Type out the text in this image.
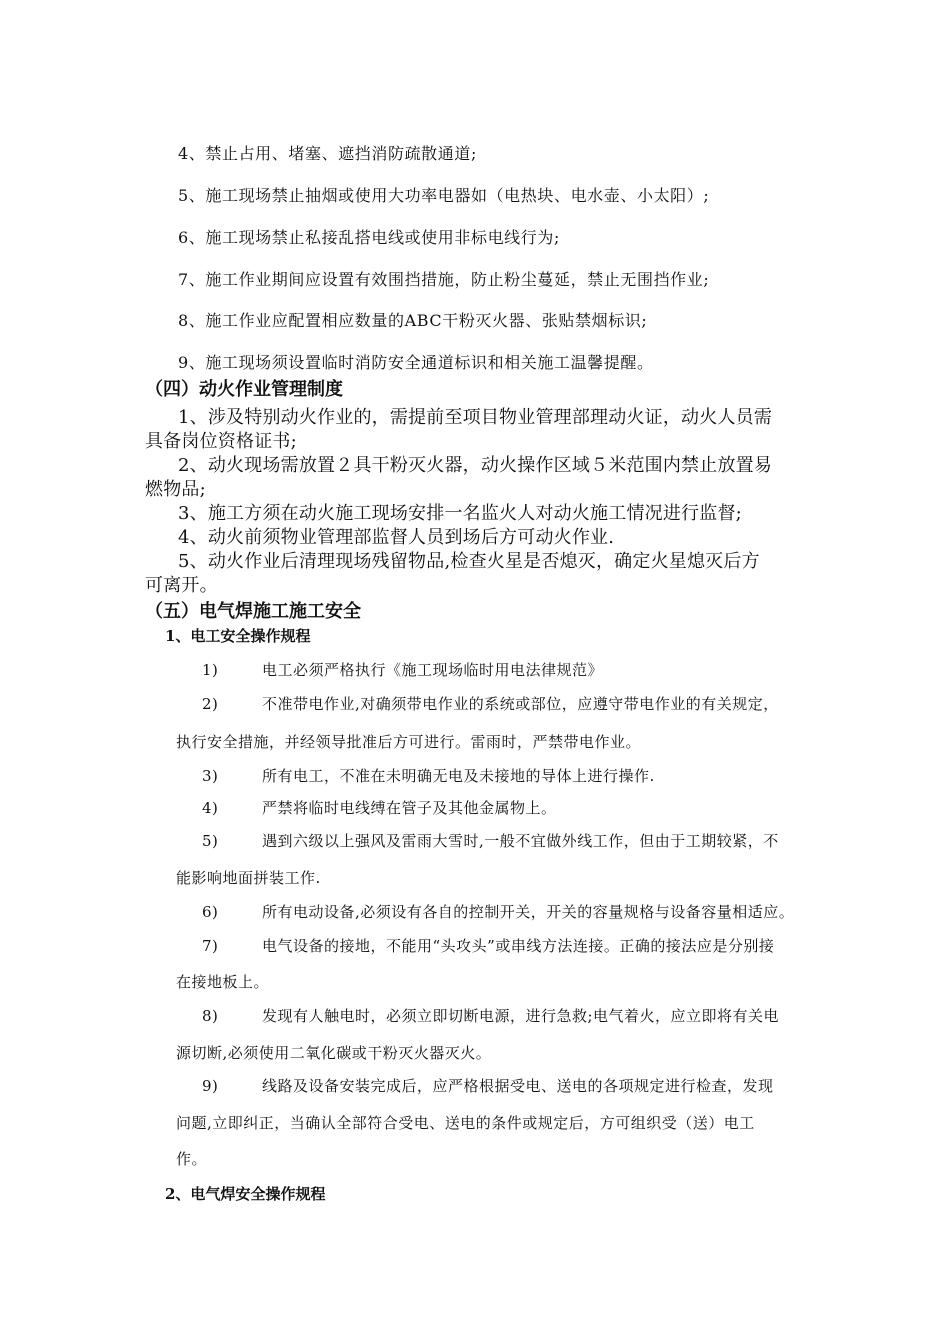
4、禁止占用、堵塞、遮挡消防疏散通道;
5、施工现场禁止抽烟或使用大功率电器如（电热块、电水壶、小太阳）;
6、施工现场禁止私接乱搭电线或使用非标电线行为;
7、施工作业期间应设置有效围挡措施，防止粉尘蔓延，禁止无围挡作业;
8、施工作业应配置相应数量的ABC干粉灭火器、张贴禁烟标识;
9、施工现场须设置临时消防安全通道标识和相关施工温馨提醒。
（四）动火作业管理制度
1、涉及特别动火作业的，需提前至项目物业管理部理动火证，动火人员需
具备岗位资格证书;
2、动火现场需放置２具干粉灭火器，动火操作区域５米范围内禁止放置易
燃物品;
3、施工方须在动火施工现场安排一名监火人对动火施工情况进行监督;
4、动火前须物业管理部监督人员到场后方可动火作业.
5、动火作业后清理现场残留物品,检查火星是否熄灭，确定火星熄灭后方
可离开。
（五）电气焊施工施工安全
1、电工安全操作规程
1)	电工必须严格执行《施工现场临时用电法律规范》
2)	不准带电作业,对确须带电作业的系统或部位，应遵守带电作业的有关规定，
执行安全措施，并经领导批准后方可进行。雷雨时，严禁带电作业。
3)	所有电工，不准在未明确无电及未接地的导体上进行操作.
4)	严禁将临时电线缚在管子及其他金属物上。
5)	遇到六级以上强风及雷雨大雪时,一般不宜做外线工作，但由于工期较紧，不
能影响地面拼装工作.
6)	所有电动设备,必须设有各自的控制开关，开关的容量规格与设备容量相适应。
7)	电气设备的接地，不能用“头攻头”或串线方法连接。正确的接法应是分别接
在接地板上。
8)	发现有人触电时，必须立即切断电源，进行急救;电气着火，应立即将有关电
源切断,必须使用二氧化碳或干粉灭火器灭火。
9)	线路及设备安装完成后，应严格根据受电、送电的各项规定进行检查，发现
问题,立即纠正，当确认全部符合受电、送电的条件或规定后，方可组织受（送）电工
作。
2、电气焊安全操作规程
